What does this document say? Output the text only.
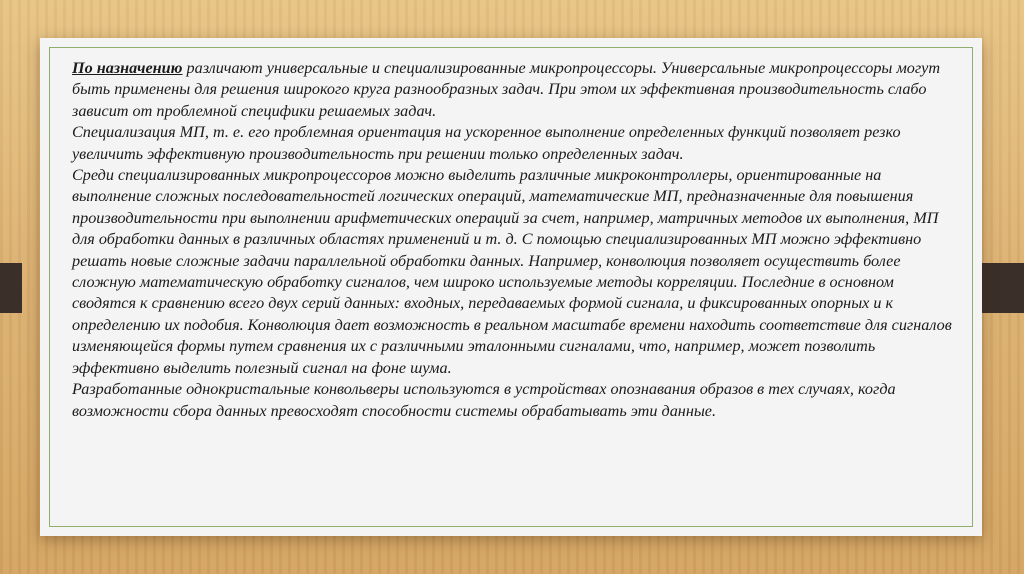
По назначению различают универсальные и специализированные микропроцессоры. Универсальные микропроцессоры могут быть применены для решения широкого круга разнообразных задач. При этом их эффективная производительность слабо зависит от проблемной специфики решаемых задач.
Специализация МП, т. е. его проблемная ориентация на ускоренное выполнение определенных функций позволяет резко увеличить эффективную производительность при решении только определенных задач.
Среди специализированных микропроцессоров можно выделить различные микроконтроллеры, ориентированные на выполнение сложных последовательностей логических операций, математические МП, предназначенные для повышения производительности при выполнении арифметических операций за счет, например, матричных методов их выполнения, МП для обработки данных в различных областях применений и т. д. С помощью специализированных МП можно эффективно решать новые сложные задачи параллельной обработки данных. Например, конволюция позволяет осуществить более сложную математическую обработку сигналов, чем широко используемые методы корреляции. Последние в основном сводятся к сравнению всего двух серий данных: входных, передаваемых формой сигнала, и фиксированных опорных и к определению их подобия. Конволюция дает возможность в реальном масштабе времени находить соответствие для сигналов изменяющейся формы путем сравнения их с различными эталонными сигналами, что, например, может позволить эффективно выделить полезный сигнал на фоне шума.
Разработанные однокристальные конвольверы используются в устройствах опознавания образов в тех случаях, когда возможности сбора данных превосходят способности системы обрабатывать эти данные.
